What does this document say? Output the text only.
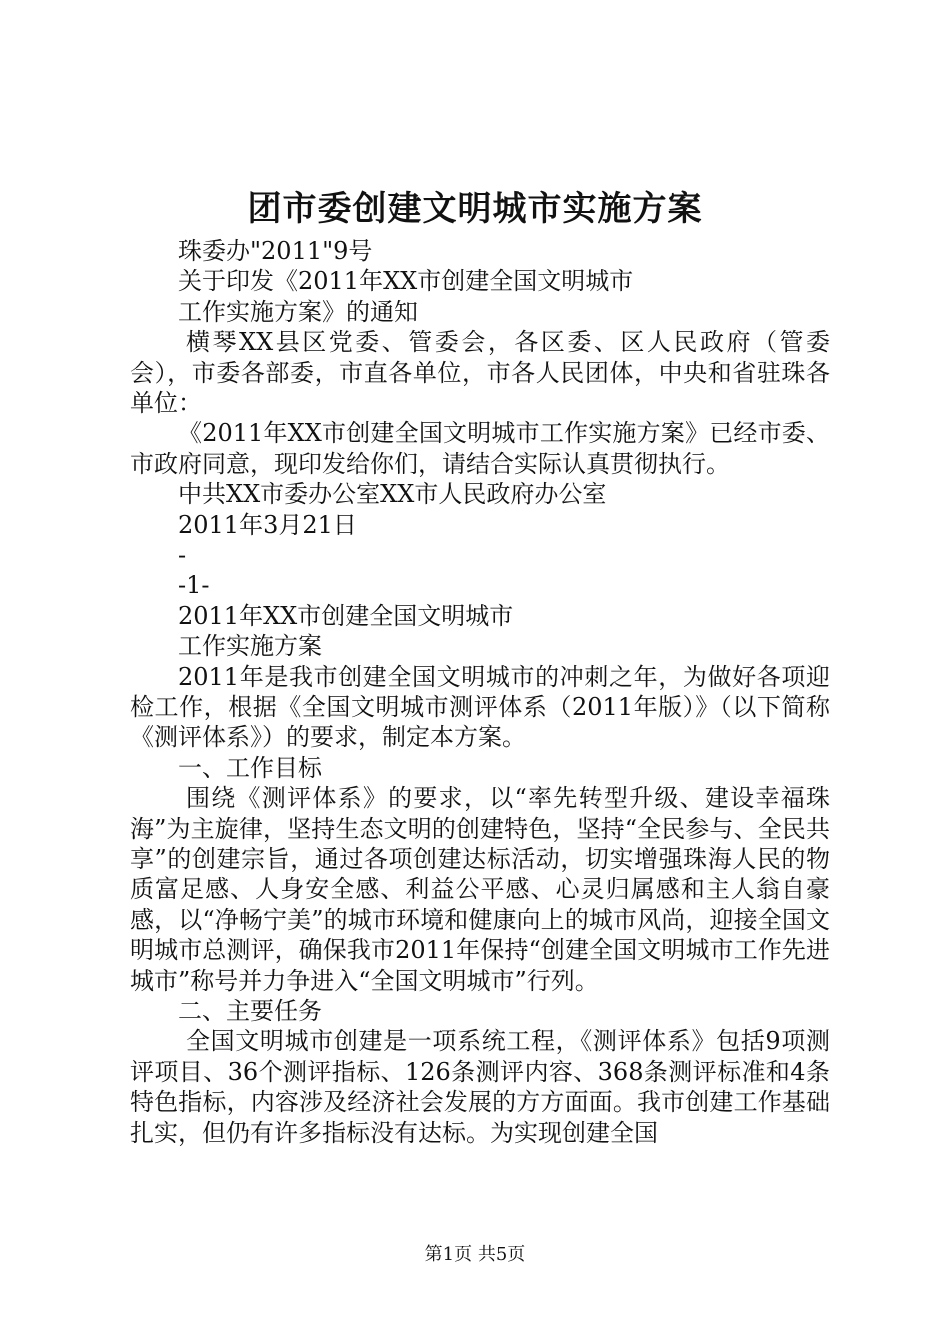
团市委创建文明城市实施方案
珠委办"2011"9号
关于印发《2011年XX市创建全国文明城市
工作实施方案》的通知
横琴XX县区党委、管委会，各区委、区人民政府（管委会），市委各部委，市直各单位，市各人民团体，中央和省驻珠各单位：
《2011年XX市创建全国文明城市工作实施方案》已经市委、市政府同意，现印发给你们，请结合实际认真贯彻执行。
中共XX市委办公室XX市人民政府办公室
2011年3月21日
-
-1-
2011年XX市创建全国文明城市
工作实施方案
2011年是我市创建全国文明城市的冲刺之年，为做好各项迎检工作，根据《全国文明城市测评体系（2011年版）》（以下简称《测评体系》）的要求，制定本方案。
一、工作目标
围绕《测评体系》的要求，以“率先转型升级、建设幸福珠海”为主旋律，坚持生态文明的创建特色，坚持“全民参与、全民共享”的创建宗旨，通过各项创建达标活动，切实增强珠海人民的物质富足感、人身安全感、利益公平感、心灵归属感和主人翁自豪感，以“净畅宁美”的城市环境和健康向上的城市风尚，迎接全国文明城市总测评，确保我市2011年保持“创建全国文明城市工作先进城市”称号并力争进入“全国文明城市”行列。
二、主要任务
全国文明城市创建是一项系统工程，《测评体系》包括9项测评项目、36个测评指标、126条测评内容、368条测评标准和4条特色指标，内容涉及经济社会发展的方方面面。我市创建工作基础扎实，但仍有许多指标没有达标。为实现创建全国
第1页 共5页
